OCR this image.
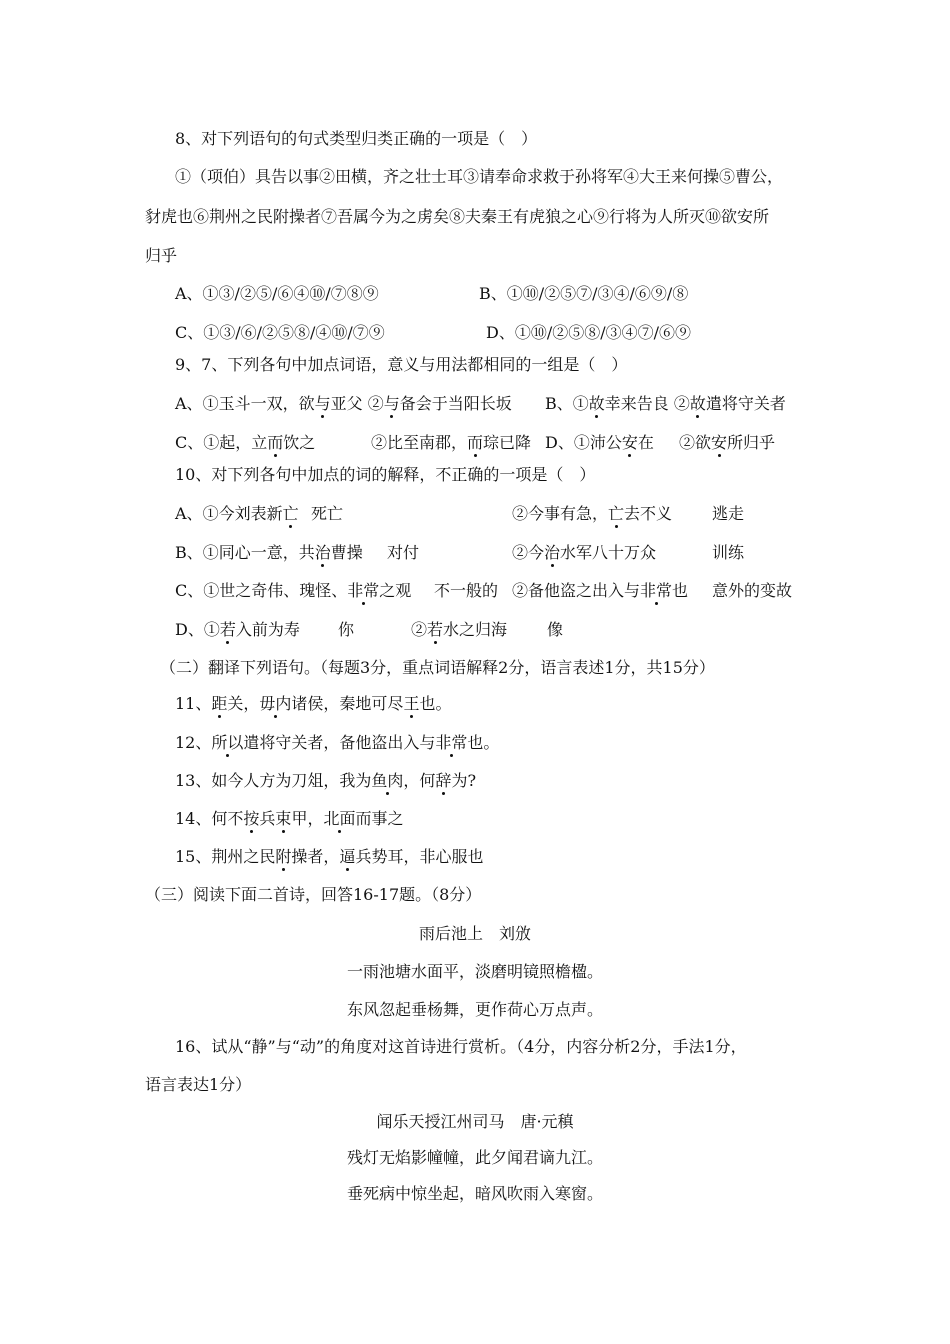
8、对下列语句的句式类型归类正确的一项是（　）
①（项伯）具告以事②田横，齐之壮士耳③请奉命求救于孙将军④大王来何操⑤曹公，
豺虎也⑥荆州之民附操者⑦吾属今为之虏矣⑧夫秦王有虎狼之心⑨行将为人所灭⑩欲安所
归乎
A、①③/②⑤/⑥④⑩/⑦⑧⑨	B、①⑩/②⑤⑦/③④/⑥⑨/⑧
C、①③/⑥/②⑤⑧/④⑩/⑦⑨	D、①⑩/②⑤⑧/③④⑦/⑥⑨
9、7、下列各句中加点词语，意义与用法都相同的一组是（　）
A、①玉斗一双，欲与亚父 ②与备会于当阳长坂 B、①故幸来告良 ②故遣将守关者
C、①起，立而饮之	②比至南郡，而琮已降 D、①沛公安在 ②欲安所归乎
10、对下列各句中加点的词的解释，不正确的一项是（　）
A、①今刘表新亡 死亡	②今事有急，亡去不义 逃走
B、①同心一意，共治曹操 对付	②今治水军八十万众	训练
C、①世之奇伟、瑰怪、非常之观 不一般的 ②备他盗之出入与非常也 意外的变故
D、①若入前为寿 你	②若水之归海 像
（二）翻译下列语句。（每题3分，重点词语解释2分，语言表述1分，共15分）
11、距关，毋内诸侯，秦地可尽王也。
12、所以遣将守关者，备他盗出入与非常也。
13、如今人方为刀俎，我为鱼肉，何辞为?
14、何不按兵束甲，北面而事之
15、荆州之民附操者，逼兵势耳，非心服也
（三）阅读下面二首诗，回答16-17题。（8分）
雨后池上　刘攽
一雨池塘水面平，淡磨明镜照檐楹。
东风忽起垂杨舞，更作荷心万点声。
16、试从“静”与“动”的角度对这首诗进行赏析。（4分，内容分析2分，手法1分，
语言表达1分）
闻乐天授江州司马　唐·元稹
残灯无焰影幢幢，此夕闻君谪九江。
垂死病中惊坐起，暗风吹雨入寒窗。
